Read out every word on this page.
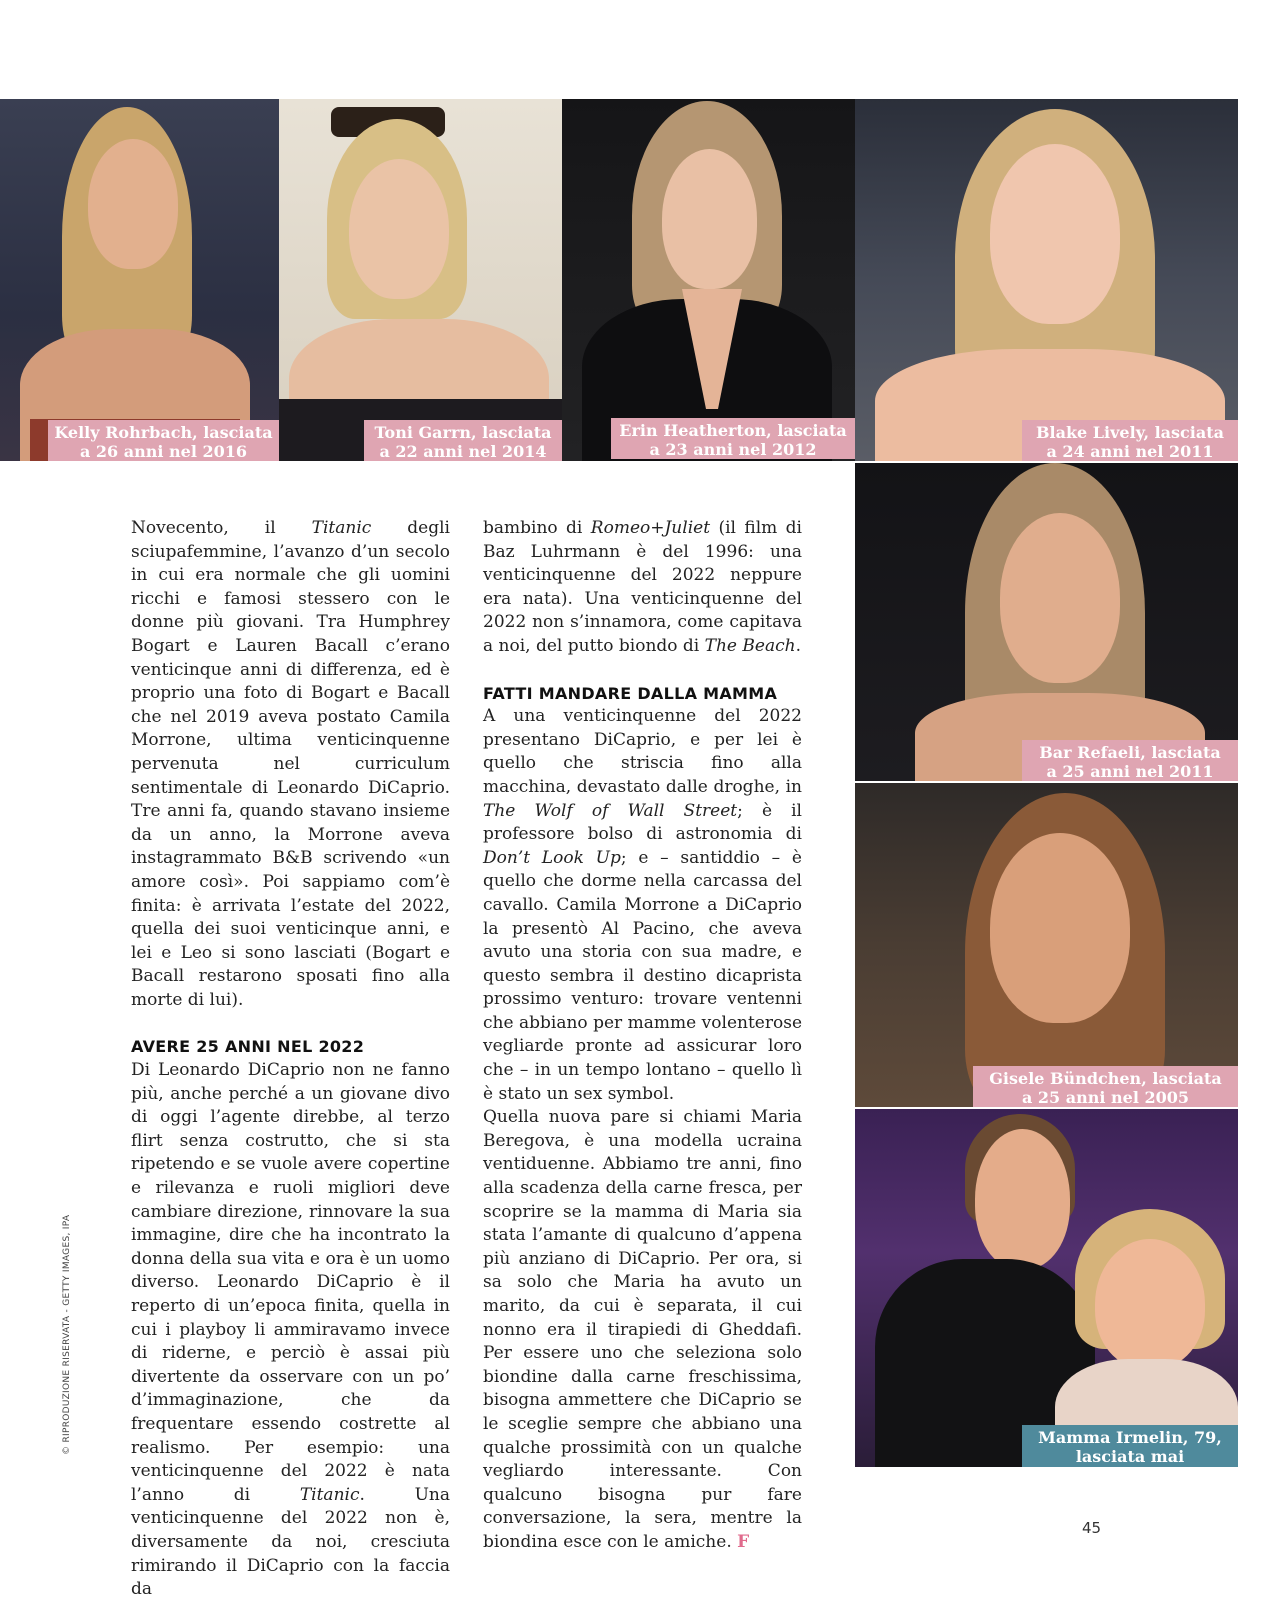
Kelly Rohrbach, lasciata
a 26 anni nel 2016
Toni Garrn, lasciata
a 22 anni nel 2014
Erin Heatherton, lasciata
a 23 anni nel 2012
Blake Lively, lasciata
a 24 anni nel 2011
Bar Refaeli, lasciata
a 25 anni nel 2011
Gisele Bündchen, lasciata
a 25 anni nel 2005
Mamma Irmelin, 79,
lasciata mai

Novecento, il Titanic degli sciupafemmine, l’avanzo d’un secolo in cui era normale che gli uomini ricchi e famosi stessero con le donne più giovani. Tra Humphrey Bogart e Lauren Bacall c’erano venticinque anni di differenza, ed è proprio una foto di Bogart e Bacall che nel 2019 aveva postato Camila Morrone, ultima venticinquenne pervenuta nel curriculum sentimentale di Leonardo DiCaprio. Tre anni fa, quando stavano insieme da un anno, la Morrone aveva instagrammato B&B scrivendo «un amore così». Poi sappiamo com’è finita: è arrivata l’estate del 2022, quella dei suoi venticinque anni, e lei e Leo si sono lasciati (Bogart e Bacall restarono sposati fino alla morte di lui).

AVERE 25 ANNI NEL 2022

Di Leonardo DiCaprio non ne fanno più, anche perché a un giovane divo di oggi l’agente direbbe, al terzo flirt senza costrutto, che si sta ripetendo e se vuole avere copertine e rilevanza e ruoli migliori deve cambiare direzione, rinnovare la sua immagine, dire che ha incontrato la donna della sua vita e ora è un uomo diverso. Leonardo DiCaprio è il reperto di un’epoca finita, quella in cui i playboy li ammiravamo invece di riderne, e perciò è assai più divertente da osservare con un po’ d’immaginazione, che da frequentare essendo costrette al realismo. Per esempio: una venticinquenne del 2022 è nata l’anno di Titanic. Una venticinquenne del 2022 non è, diversamente da noi, cresciuta rimirando il DiCaprio con la faccia da

bambino di Romeo+Juliet (il film di Baz Luhrmann è del 1996: una venticinquenne del 2022 neppure era nata). Una venticinquenne del 2022 non s’innamora, come capitava a noi, del putto biondo di The Beach.

FATTI MANDARE DALLA MAMMA

A una venticinquenne del 2022 presentano DiCaprio, e per lei è quello che striscia fino alla macchina, devastato dalle droghe, in The Wolf of Wall Street; è il professore bolso di astronomia di Don’t Look Up; e – santiddio – è quello che dorme nella carcassa del cavallo. Camila Morrone a DiCaprio la presentò Al Pacino, che aveva avuto una storia con sua madre, e questo sembra il destino dicaprista prossimo venturo: trovare ventenni che abbiano per mamme volenterose vegliarde pronte ad assicurar loro che – in un tempo lontano – quello lì è stato un sex symbol.

Quella nuova pare si chiami Maria Beregova, è una modella ucraina ventiduenne. Abbiamo tre anni, fino alla scadenza della carne fresca, per scoprire se la mamma di Maria sia stata l’amante di qualcuno d’appena più anziano di DiCaprio. Per ora, si sa solo che Maria ha avuto un marito, da cui è separata, il cui nonno era il tirapiedi di Gheddafi. Per essere uno che seleziona solo biondine dalla carne freschissima, bisogna ammettere che DiCaprio se le sceglie sempre che abbiano una qualche prossimità con un qualche vegliardo interessante. Con qualcuno bisogna pur fare conversazione, la sera, mentre la biondina esce con le amiche. F

© RIPRODUZIONE RISERVATA - GETTY IMAGES, IPA
45
